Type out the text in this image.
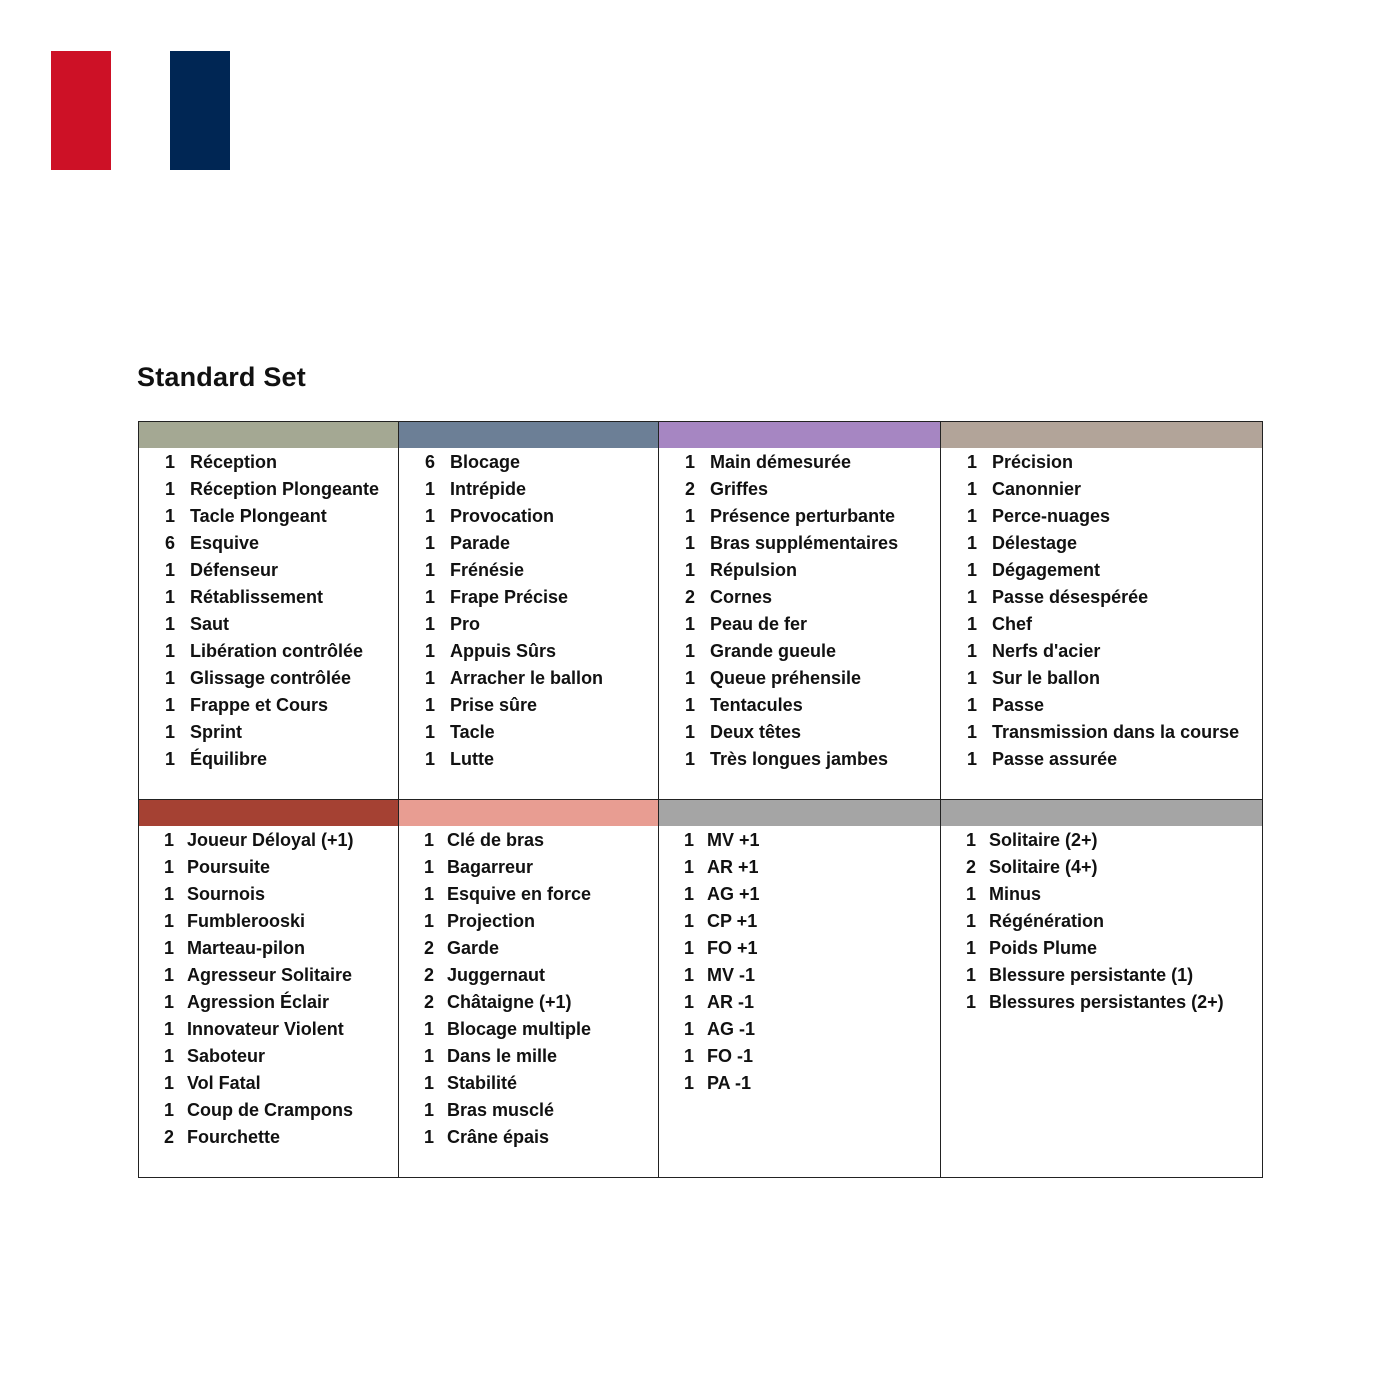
Standard Set
1 Réception
1 Réception Plongeante
1 Tacle Plongeant
6 Esquive
1 Défenseur
1 Rétablissement
1 Saut
1 Libération contrôlée
1 Glissage contrôlée
1 Frappe et Cours
1 Sprint
1 Équilibre
6 Blocage
1 Intrépide
1 Provocation
1 Parade
1 Frénésie
1 Frape Précise
1 Pro
1 Appuis Sûrs
1 Arracher le ballon
1 Prise sûre
1 Tacle
1 Lutte
1 Main démesurée
2 Griffes
1 Présence perturbante
1 Bras supplémentaires
1 Répulsion
2 Cornes
1 Peau de fer
1 Grande gueule
1 Queue préhensile
1 Tentacules
1 Deux têtes
1 Très longues jambes
1 Précision
1 Canonnier
1 Perce-nuages
1 Délestage
1 Dégagement
1 Passe désespérée
1 Chef
1 Nerfs d'acier
1 Sur le ballon
1 Passe
1 Transmission dans la course
1 Passe assurée
1 Joueur Déloyal (+1)
1 Poursuite
1 Sournois
1 Fumblerooski
1 Marteau-pilon
1 Agresseur Solitaire
1 Agression Éclair
1 Innovateur Violent
1 Saboteur
1 Vol Fatal
1 Coup de Crampons
2 Fourchette
1 Clé de bras
1 Bagarreur
1 Esquive en force
1 Projection
2 Garde
2 Juggernaut
2 Châtaigne (+1)
1 Blocage multiple
1 Dans le mille
1 Stabilité
1 Bras musclé
1 Crâne épais
1 MV +1
1 AR +1
1 AG +1
1 CP +1
1 FO +1
1 MV -1
1 AR -1
1 AG -1
1 FO -1
1 PA -1
1 Solitaire (2+)
2 Solitaire (4+)
1 Minus
1 Régénération
1 Poids Plume
1 Blessure persistante (1)
1 Blessures persistantes (2+)
